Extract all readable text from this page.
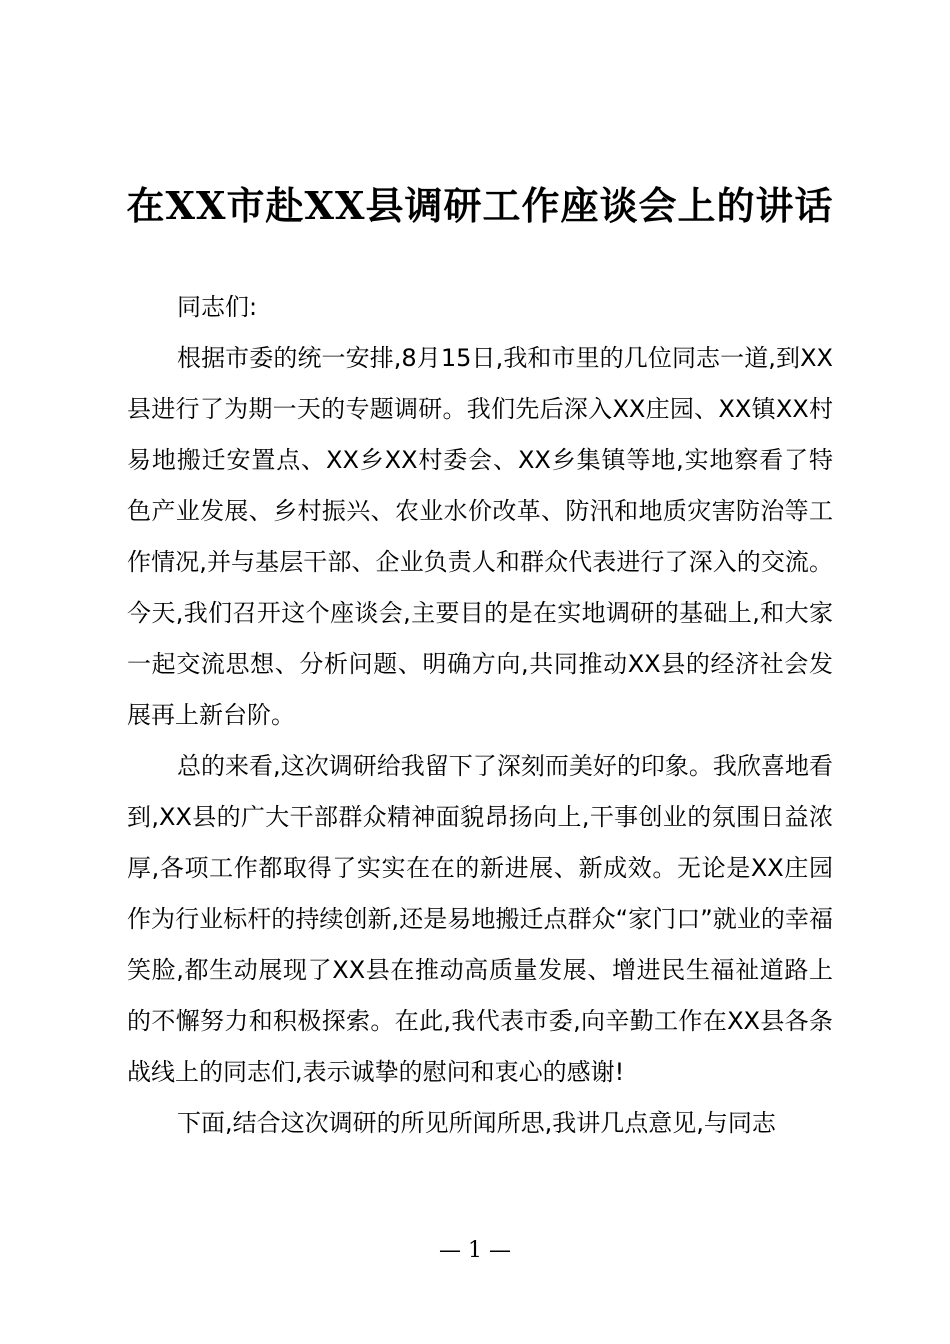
在XX市赴XX县调研工作座谈会上的讲话

同志们:

根据市委的统一安排,8月15日,我和市里的几位同志一道,到XX县进行了为期一天的专题调研。我们先后深入XX庄园、XX镇XX村易地搬迁安置点、XX乡XX村委会、XX乡集镇等地,实地察看了特色产业发展、乡村振兴、农业水价改革、防汛和地质灾害防治等工作情况,并与基层干部、企业负责人和群众代表进行了深入的交流。今天,我们召开这个座谈会,主要目的是在实地调研的基础上,和大家一起交流思想、分析问题、明确方向,共同推动XX县的经济社会发展再上新台阶。

总的来看,这次调研给我留下了深刻而美好的印象。我欣喜地看到,XX县的广大干部群众精神面貌昂扬向上,干事创业的氛围日益浓厚,各项工作都取得了实实在在的新进展、新成效。无论是XX庄园作为行业标杆的持续创新,还是易地搬迁点群众“家门口”就业的幸福笑脸,都生动展现了XX县在推动高质量发展、增进民生福祉道路上的不懈努力和积极探索。在此,我代表市委,向辛勤工作在XX县各条战线上的同志们,表示诚挚的慰问和衷心的感谢!

下面,结合这次调研的所见所闻所思,我讲几点意见,与同志

— 1 —
